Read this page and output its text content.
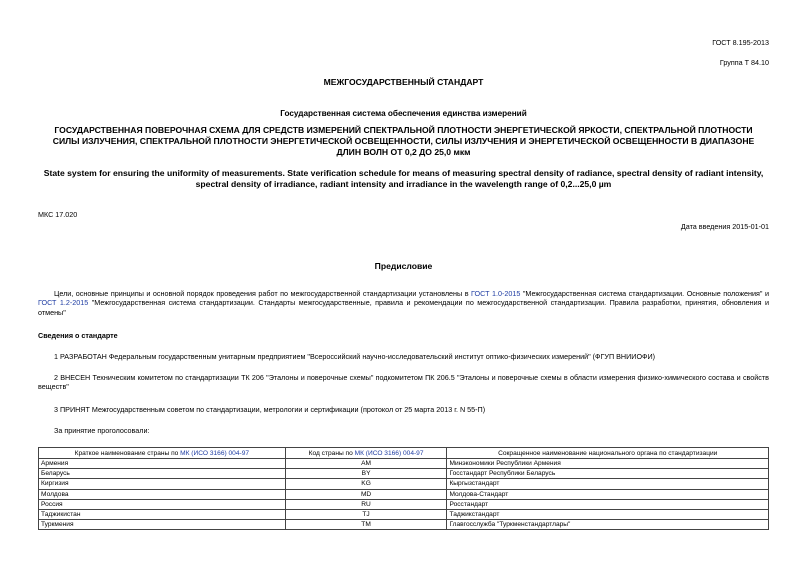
ГОСТ 8.195-2013
Группа Т 84.10
МЕЖГОСУДАРСТВЕННЫЙ СТАНДАРТ
Государственная система обеспечения единства измерений
ГОСУДАРСТВЕННАЯ ПОВЕРОЧНАЯ СХЕМА ДЛЯ СРЕДСТВ ИЗМЕРЕНИЙ СПЕКТРАЛЬНОЙ ПЛОТНОСТИ ЭНЕРГЕТИЧЕСКОЙ ЯРКОСТИ, СПЕКТРАЛЬНОЙ ПЛОТНОСТИ СИЛЫ ИЗЛУЧЕНИЯ, СПЕКТРАЛЬНОЙ ПЛОТНОСТИ ЭНЕРГЕТИЧЕСКОЙ ОСВЕЩЕННОСТИ, СИЛЫ ИЗЛУЧЕНИЯ И ЭНЕРГЕТИЧЕСКОЙ ОСВЕЩЕННОСТИ В ДИАПАЗОНЕ ДЛИН ВОЛН ОТ 0,2 ДО 25,0 мкм
State system for ensuring the uniformity of measurements. State verification schedule for means of measuring spectral density of radiance, spectral density of radiant intensity, spectral density of irradiance, radiant intensity and irradiance in the wavelength range of 0,2...25,0 µm
МКС 17.020
Дата введения 2015-01-01
Предисловие
Цели, основные принципы и основной порядок проведения работ по межгосударственной стандартизации установлены в ГОСТ 1.0-2015 "Межгосударственная система стандартизации. Основные положения" и ГОСТ 1.2-2015 "Межгосударственная система стандартизации. Стандарты межгосударственные, правила и рекомендации по межгосударственной стандартизации. Правила разработки, принятия, обновления и отмены"
Сведения о стандарте
1 РАЗРАБОТАН Федеральным государственным унитарным предприятием "Всероссийский научно-исследовательский институт оптико-физических измерений" (ФГУП ВНИИОФИ)
2 ВНЕСЕН Техническим комитетом по стандартизации ТК 206 "Эталоны и поверочные схемы" подкомитетом ПК 206.5 "Эталоны и поверочные схемы в области измерения физико-химического состава и свойств веществ"
3 ПРИНЯТ Межгосударственным советом по стандартизации, метрологии и сертификации (протокол от 25 марта 2013 г. N 55-П)
За принятие проголосовали:
Краткое наименование страны по МК (ИСО 3166) 004-97	Код страны по МК (ИСО 3166) 004-97	Сокращенное наименование национального органа по стандартизации
Армения	AM	Минэкономики Республики Армения
Беларусь	BY	Госстандарт Республики Беларусь
Киргизия	KG	Кыргызстандарт
Молдова	MD	Молдова-Стандарт
Россия	RU	Росстандарт
Таджикистан	TJ	Таджикстандарт
Туркмения	TM	Главгосслужба "Туркменстандартлары"
